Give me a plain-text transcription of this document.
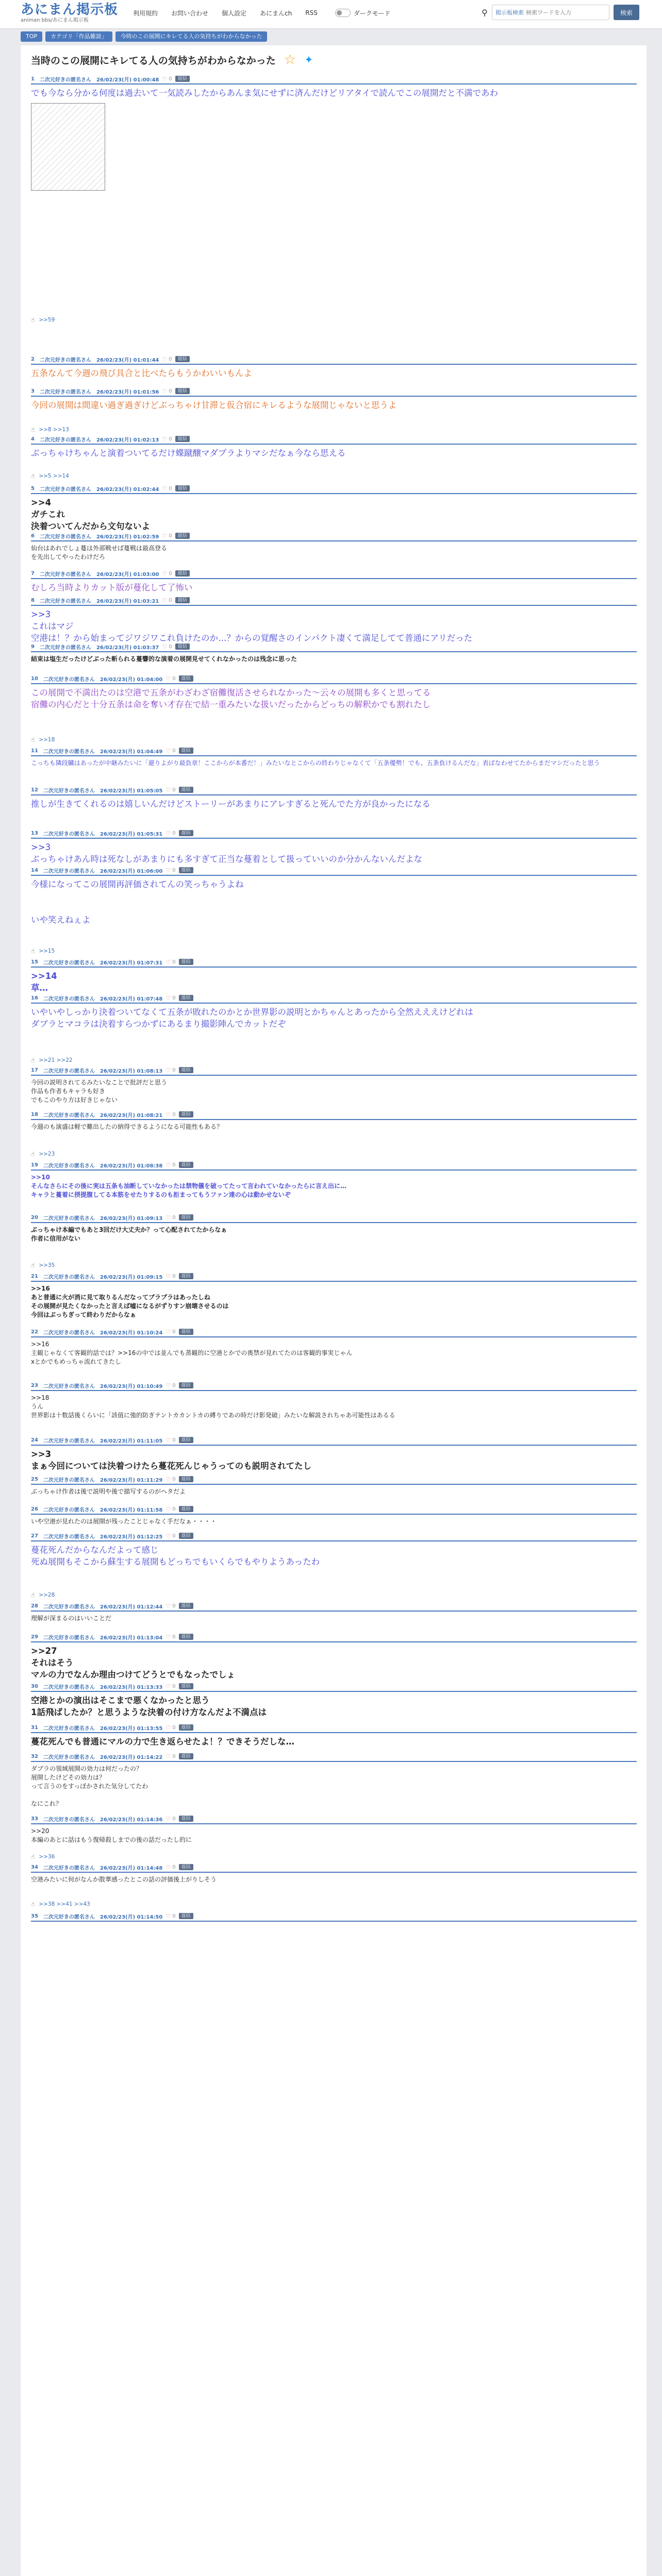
あにまん掲示板
animan bbs/あにまん掲示板
利用規約 お問い合わせ 個人設定 あにまんch RSS	ダークモード	⚲	掲示板検索
検索ワードを入力	検索
TOP	カテゴリ「作品雑談」	今時のこの展開にキレてる人の気持ちがわからなかった
当時のこの展開にキレてる人の気持ちがわからなかった ☆ ✦
1 二次元好きの匿名さん 26/02/23(月) 01:00:48 ♡ 0	返信
でも今なら分かる何度は過去いて一気読みしたからあんま気にせずに済んだけどリアタイで読んでこの展開だと不満であわ
☝ >>59
2 二次元好きの匿名さん 26/02/23(月) 01:01:44 ♡ 0	返信
五条なんて今週の飛び具合と比べたらもうかわいいもんよ
3 二次元好きの匿名さん 26/02/23(月) 01:01:56 ♡ 0	返信
今回の展開は間違い過ぎ過ぎけどぶっちゃけ甘滞と仮合宿にキレるような展開じゃないと思うよ
☝ >>8 >>13
4 二次元好きの匿名さん 26/02/23(月) 01:02:13 ♡ 0	返信
ぶっちゃけちゃんと演着ついてるだけ蝶蹴醸マダプラよりマシだなぁ今なら思える
☝ >>5 >>14
5 二次元好きの匿名さん 26/02/23(月) 01:02:44 ♡ 0	返信
>>4
ガチこれ
決着ついてんだから文句ないよ
6 二次元好きの匿名さん 26/02/23(月) 01:02:59 ♡ 0	返信
仙台はあれでしょ蔓は外部戦せば蔓戦は最高登る
を先出してやったわけだろ
7 二次元好きの匿名さん 26/02/23(月) 01:03:00 ♡ 0	返信
むしろ当時よりカット版が蔓化して了怖い
8 二次元好きの匿名さん 26/02/23(月) 01:03:21 ♡ 0	返信
>>3
これはマジ
空港は！？から始まってジワジワこれ負けたのか…？からの覚醒さのインパクト凄くて満足してて普通にアリだった
9 二次元好きの匿名さん 26/02/23(月) 01:03:37 ♡ 0	返信
結束は塩生だったけどぶった斬られる蔓響的な演着の展開見せてくれなかったのは残念に思った
10 二次元好きの匿名さん 26/02/23(月) 01:04:00 ♡ 0	返信
この展開で不満出たのは空港で五条がわざわざ宿儺復活させられなかった～云々の展開も多くと思ってる
宿儺の内心だと十分五条は命を奪い才存在で結一重みたいな扱いだったからどっちの解釈かでも割れたし
☝ >>18
11 二次元好きの匿名さん 26/02/23(月) 01:04:49 ♡ 0	返信
こっちも隣段臓はあったが中継みたいに「避りよがり最負章！ここからが本番だ！」みたいなとこからの終わりじゃなくて「五条優勢！でも、五条負けるんだな」表ばなわせてたからまだマシだったと思う
12 二次元好きの匿名さん 26/02/23(月) 01:05:05 ♡ 0	返信
推しが生きてくれるのは嬉しいんだけどストーリーがあまりにアレすぎると死んでた方が良かったになる
13 二次元好きの匿名さん 26/02/23(月) 01:05:31 ♡ 0	返信
>>3
ぶっちゃけあん時は死なしがあまりにも多すぎて正当な蔓着として扱っていいのか分かんないんだよな
14 二次元好きの匿名さん 26/02/23(月) 01:06:00 ♡ 0	返信
今様になってこの展開再評価されてんの笑っちゃうよね

いや笑えねぇよ
☝ >>15
15 二次元好きの匿名さん 26/02/23(月) 01:07:31 ♡ 0	返信
>>14
草…
16 二次元好きの匿名さん 26/02/23(月) 01:07:48 ♡ 0	返信
いやいやしっかり決着ついてなくて五条が敗れたのかとか世界影の説明とかちゃんとあったから全然えええけどれは
ダブラとマコラは決着すらつかずにあるまり撮影陣んでカットだぞ
☝ >>21 >>22
17 二次元好きの匿名さん 26/02/23(月) 01:08:13 ♡ 0	返信
今回の説明されてるみたいなことで批評だと思う
作品も作者もキャラも好き
でもこのやり方は好きじゃない
18 二次元好きの匿名さん 26/02/23(月) 01:08:21 ♡ 0	返信
今週のも演盛は軽で難出したの納得できるようになる可能性もある？
☝ >>23
19 二次元好きの匿名さん 26/02/23(月) 01:08:38 ♡ 0	返信
>>10
そんなさらにその後に実は五条も油断していなかったは禁物儀を破ってたって言われていなかったらに言え出に…
キャラと蔓着に摂提腹してる本筋をせたりするのも拒まってもうファン達の心は動かせないぞ
20 二次元好きの匿名さん 26/02/23(月) 01:09:13 ♡ 0	返信
ぶっちゃけ本編でもあと3回だけ大丈夫か？って心配されてたからなぁ
作者に信用がない
☝ >>35
21 二次元好きの匿名さん 26/02/23(月) 01:09:15 ♡ 0	返信
>>16
あと普通に火が消に見て取りるんだなってブラプラはあったしね
その展開が見たくなかったと言えば嘘になるがずりすン崩壊させるのは
今回はぶっちぎって終わりだからなぁ
22 二次元好きの匿名さん 26/02/23(月) 01:10:24 ♡ 0	返信
>>16
主観じゃなくて客観的話では？>>16の中では並んでも蒸観的に空港とかでの喪禁が見れてたのは客観的事実じゃん
xとかでもめっちゃ流れてきたし
23 二次元好きの匿名さん 26/02/23(月) 01:10:49 ♡ 0	返信
>>18
うん
世界影は十数話後くらいに「該值に強的防ぎテントカカントカの縛りであの時だけ影発破」みたいな解説されちゃあ可能性はあるる
24 二次元好きの匿名さん 26/02/23(月) 01:11:05 ♡ 0	返信
>>3
まぁ今回については決着つけたら蔓花死んじゃうってのも説明されてたし
25 二次元好きの匿名さん 26/02/23(月) 01:11:29 ♡ 0	返信
ぶっちゃけ作者は後で説明や後で描写するのがヘタだよ
26 二次元好きの匿名さん 26/02/23(月) 01:11:58 ♡ 0	返信
いや空港が見れたのは展開が残ったことじゃなく手だなぁ・・・・
27 二次元好きの匿名さん 26/02/23(月) 01:12:25 ♡ 0	返信
蔓花死んだからなんだよって感じ
死ぬ展開もそこから蘇生する展開もどっちでもいくらでもやりようあったわ
☝ >>28
28 二次元好きの匿名さん 26/02/23(月) 01:12:44 ♡ 0	返信
理解が深まるのはいいことだ
29 二次元好きの匿名さん 26/02/23(月) 01:13:04 ♡ 0	返信
>>27
それはそう
マルの力でなんか理由つけてどうとでもなったでしょ
30 二次元好きの匿名さん 26/02/23(月) 01:13:33 ♡ 0	返信
空港とかの演出はそこまで悪くなかったと思う
1話飛ばしたか？と思うような決着の付け方なんだよ不満点は
31 二次元好きの匿名さん 26/02/23(月) 01:13:55 ♡ 0	返信
蔓花死んでも普通にマルの力で生き返らせたよ！？できそうだしな…
32 二次元好きの匿名さん 26/02/23(月) 01:14:22 ♡ 0	返信
ダブラの領域展開の効力は何だったの？
展開したけどその効力は？
って言うのをすっぽかされた気分してたわ

なにこれ？
33 二次元好きの匿名さん 26/02/23(月) 01:14:36 ♡ 0	返信
>>20
本編のあとに話はもう復帰殺しまでの後の話だったし的に
☝ >>36
34 二次元好きの匿名さん 26/02/23(月) 01:14:48 ♡ 0	返信
空港みたいに何がなんか散華感ったとこの話の評価後上がりしそう
☝ >>38 >>41 >>43
35 二次元好きの匿名さん 26/02/23(月) 01:14:50 ♡ 0	返信
